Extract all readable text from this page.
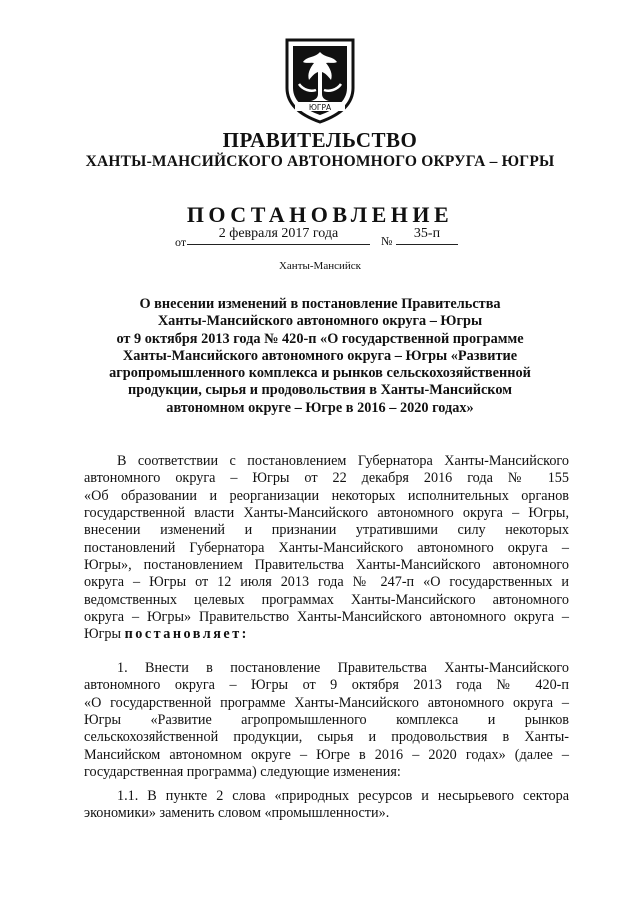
ЮГРА
ПРАВИТЕЛЬСТВО
ХАНТЫ-МАНСИЙСКОГО АВТОНОМНОГО ОКРУГА – ЮГРЫ
ПОСТАНОВЛЕНИЕ
от
2 февраля 2017 года	№	35-п
Ханты-Мансийск
О внесении изменений в постановление Правительства
Ханты-Мансийского автономного округа – Югры
от 9 октября 2013 года № 420-п «О государственной программе
Ханты-Мансийского автономного округа – Югры «Развитие
агропромышленного комплекса и рынков сельскохозяйственной
продукции, сырья и продовольствия в Ханты-Мансийском
автономном округе – Югре в 2016 – 2020 годах»
В соответствии с постановлением Губернатора Ханты-Мансийского
автономного округа – Югры от 22 декабря 2016 года № 155
«Об образовании и реорганизации некоторых исполнительных органов
государственной власти Ханты-Мансийского автономного округа – Югры,
внесении изменений и признании утратившими силу некоторых
постановлений Губернатора Ханты-Мансийского автономного округа –
Югры», постановлением Правительства Ханты-Мансийского автономного
округа – Югры от 12 июля 2013 года № 247-п «О государственных и
ведомственных целевых программах Ханты-Мансийского автономного
округа – Югры» Правительство Ханты-Мансийского автономного округа –
Югры постановляет:
1. Внести в постановление Правительства Ханты-Мансийского
автономного округа – Югры от 9 октября 2013 года № 420-п
«О государственной программе Ханты-Мансийского автономного округа –
Югры «Развитие агропромышленного комплекса и рынков
сельскохозяйственной продукции, сырья и продовольствия в Ханты-
Мансийском автономном округе – Югре в 2016 – 2020 годах» (далее –
государственная программа) следующие изменения:
1.1. В пункте 2 слова «природных ресурсов и несырьевого сектора
экономики» заменить словом «промышленности».
